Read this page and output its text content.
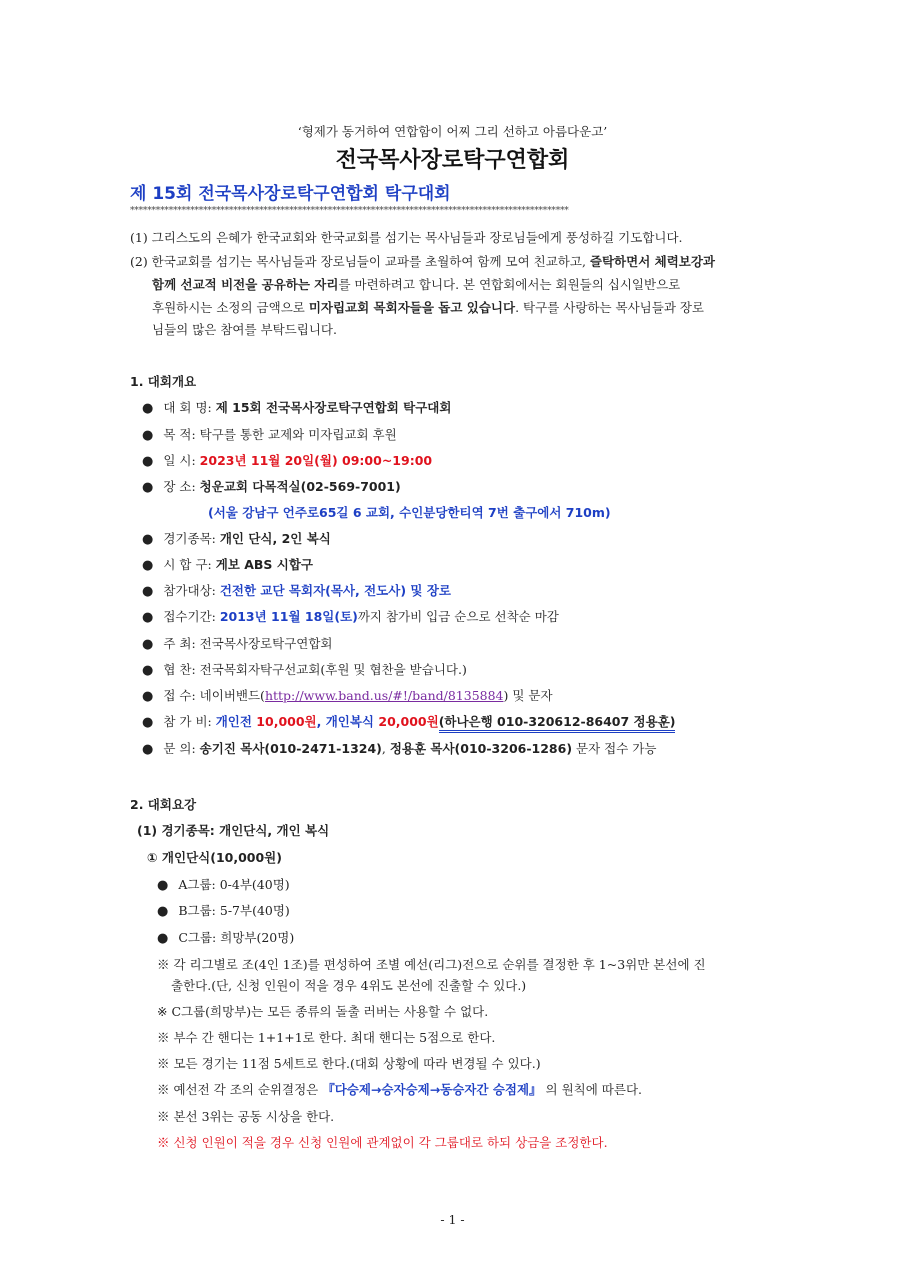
‘형제가 동거하여 연합함이 어찌 그리 선하고 아름다운고’
전국목사장로탁구연합회
제 15회 전국목사장로탁구연합회 탁구대회
******************************************************************************************************
(1) 그리스도의 은혜가 한국교회와 한국교회를 섬기는 목사님들과 장로님들에게 풍성하길 기도합니다.
(2) 한국교회를 섬기는 목사님들과 장로님들이 교파를 초월하여 함께 모여 친교하고, 즐탁하면서 체력보강과
함께 선교적 비전을 공유하는 자리를 마련하려고 합니다. 본 연합회에서는 회원들의 십시일반으로
후원하시는 소정의 금액으로 미자립교회 목회자들을 돕고 있습니다. 탁구를 사랑하는 목사님들과 장로
님들의 많은 참여를 부탁드립니다.
1. 대회개요
● 대 회 명: 제 15회 전국목사장로탁구연합회 탁구대회
● 목 적: 탁구를 통한 교제와 미자립교회 후원
● 일 시: 2023년 11월 20일(월) 09:00~19:00
● 장 소: 청운교회 다목적실(02-569-7001)
(서울 강남구 언주로65길 6 교회, 수인분당한티역 7번 출구에서 710m)
● 경기종목: 개인 단식, 2인 복식
● 시 합 구: 게보 ABS 시합구
● 참가대상: 건전한 교단 목회자(목사, 전도사) 및 장로
● 접수기간: 2013년 11월 18일(토)까지 참가비 입금 순으로 선착순 마감
● 주 최: 전국목사장로탁구연합회
● 협 찬: 전국목회자탁구선교회(후원 및 협찬을 받습니다.)
● 접 수: 네이버밴드(http://www.band.us/#!/band/8135884) 및 문자
● 참 가 비: 개인전 10,000원, 개인복식 20,000원(하나은행 010-320612-86407 정용훈)
● 문 의: 송기진 목사(010-2471-1324), 정용훈 목사(010-3206-1286) 문자 접수 가능
2. 대회요강
(1) 경기종목: 개인단식, 개인 복식
① 개인단식(10,000원)
● A그룹: 0-4부(40명)
● B그룹: 5-7부(40명)
● C그룹: 희망부(20명)
※ 각 리그별로 조(4인 1조)를 편성하여 조별 예선(리그)전으로 순위를 결정한 후 1~3위만 본선에 진
출한다.(단, 신청 인원이 적을 경우 4위도 본선에 진출할 수 있다.)
※ C그룹(희망부)는 모든 종류의 돌출 러버는 사용할 수 없다.
※ 부수 간 핸디는 1+1+1로 한다. 최대 핸디는 5점으로 한다.
※ 모든 경기는 11점 5세트로 한다.(대회 상황에 따라 변경될 수 있다.)
※ 예선전 각 조의 순위결정은 『다승제→승자승제→동승자간 승점제』 의 원칙에 따른다.
※ 본선 3위는 공동 시상을 한다.
※ 신청 인원이 적을 경우 신청 인원에 관계없이 각 그룹대로 하되 상금을 조정한다.
- 1 -
